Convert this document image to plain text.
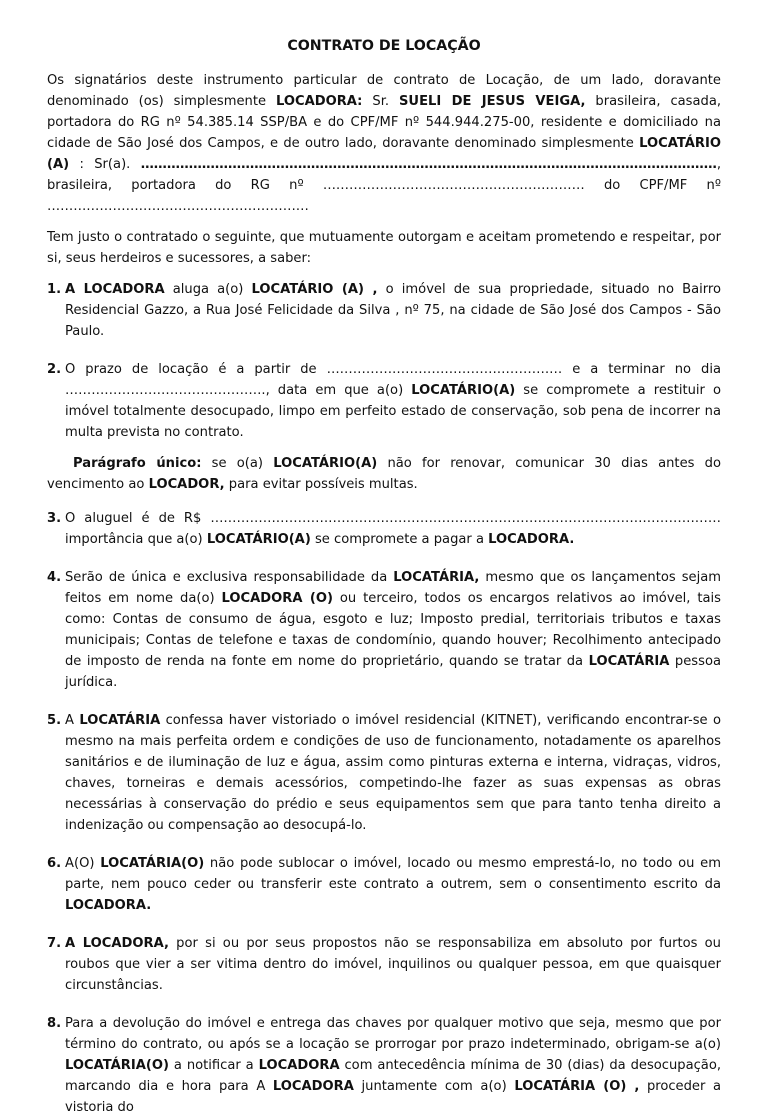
CONTRATO DE LOCAÇÃO

Os signatários deste instrumento particular de contrato de Locação, de um lado, doravante denominado (os) simplesmente LOCADORA: Sr. SUELI DE JESUS VEIGA, brasileira, casada, portadora do RG nº 54.385.14 SSP/BA e do CPF/MF nº 544.944.275-00, residente e domiciliado na cidade de São José dos Campos, e de outro lado, doravante denominado simplesmente LOCATÁRIO (A) : Sr(a). ……………………………………………………………………………………………………………………, brasileira, portadora do RG nº …………………………………………………… do CPF/MF nº ……………………………………………………

Tem justo o contratado o seguinte, que mutuamente outorgam e aceitam prometendo e respeitar, por si, seus herdeiros e sucessores, a saber:

1. A LOCADORA aluga a(o) LOCATÁRIO (A) , o imóvel de sua propriedade, situado no Bairro Residencial Gazzo, a Rua José Felicidade da Silva , nº 75, na cidade de São José dos Campos - São Paulo.
2. O prazo de locação é a partir de ……………………………………………… e a terminar no dia ………………………………………., data em que a(o) LOCATÁRIO(A) se compromete a restituir o imóvel totalmente desocupado, limpo em perfeito estado de conservação, sob pena de incorrer na multa prevista no contrato.

Parágrafo único: se o(a) LOCATÁRIO(A) não for renovar, comunicar 30 dias antes do vencimento ao LOCADOR, para evitar possíveis multas.

3. O aluguel é de R$ ……………………………………………………………………………………………………… importância que a(o) LOCATÁRIO(A) se compromete a pagar a LOCADORA.
4. Serão de única e exclusiva responsabilidade da LOCATÁRIA, mesmo que os lançamentos sejam feitos em nome da(o) LOCADORA (O) ou terceiro, todos os encargos relativos ao imóvel, tais como: Contas de consumo de água, esgoto e luz; Imposto predial, territoriais tributos e taxas municipais; Contas de telefone e taxas de condomínio, quando houver; Recolhimento antecipado de imposto de renda na fonte em nome do proprietário, quando se tratar da LOCATÁRIA pessoa jurídica.
5. A LOCATÁRIA confessa haver vistoriado o imóvel residencial (KITNET), verificando encontrar-se o mesmo na mais perfeita ordem e condições de uso de funcionamento, notadamente os aparelhos sanitários e de iluminação de luz e água, assim como pinturas externa e interna, vidraças, vidros, chaves, torneiras e demais acessórios, competindo-lhe fazer as suas expensas as obras necessárias à conservação do prédio e seus equipamentos sem que para tanto tenha direito a indenização ou compensação ao desocupá-lo.
6. A(O) LOCATÁRIA(O) não pode sublocar o imóvel, locado ou mesmo emprestá-lo, no todo ou em parte, nem pouco ceder ou transferir este contrato a outrem, sem o consentimento escrito da LOCADORA.
7. A LOCADORA, por si ou por seus propostos não se responsabiliza em absoluto por furtos ou roubos que vier a ser vitima dentro do imóvel, inquilinos ou qualquer pessoa, em que quaisquer circunstâncias.
8. Para a devolução do imóvel e entrega das chaves por qualquer motivo que seja, mesmo que por término do contrato, ou após se a locação se prorrogar por prazo indeterminado, obrigam-se a(o) LOCATÁRIA(O) a notificar a LOCADORA com antecedência mínima de 30 (dias) da desocupação, marcando dia e hora para A LOCADORA juntamente com a(o) LOCATÁRIA (O) , proceder a vistoria do
